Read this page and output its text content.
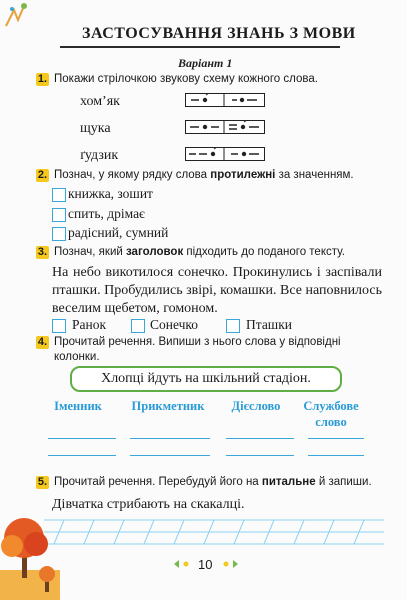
ЗАСТОСУВАННЯ ЗНАНЬ З МОВИ
Варіант 1
1. Покажи стрілочкою звукову схему кожного слова.
хом’як
щука
ґудзик
2. Познач, у якому рядку слова протилежні за значенням.
книжка, зошит
спить, дрімає
радісний, сумний
3. Познач, який заголовок підходить до поданого тексту.
На небо викотилося сонечко. Прокинулись і заспівали пташки. Пробудились звірі, комашки. Все наповнилось веселим щебетом, гомоном.
Ранок	Сонечко	Пташки
4. Прочитай речення. Випиши з нього слова у відповідні колонки.
Хлопці йдуть на шкільний стадіон.
Іменник	Прикметник	Дієслово	Службове слово
5. Прочитай речення. Перебудуй його на питальне й запиши.
Дівчатка стрибають на скакалці.
10
